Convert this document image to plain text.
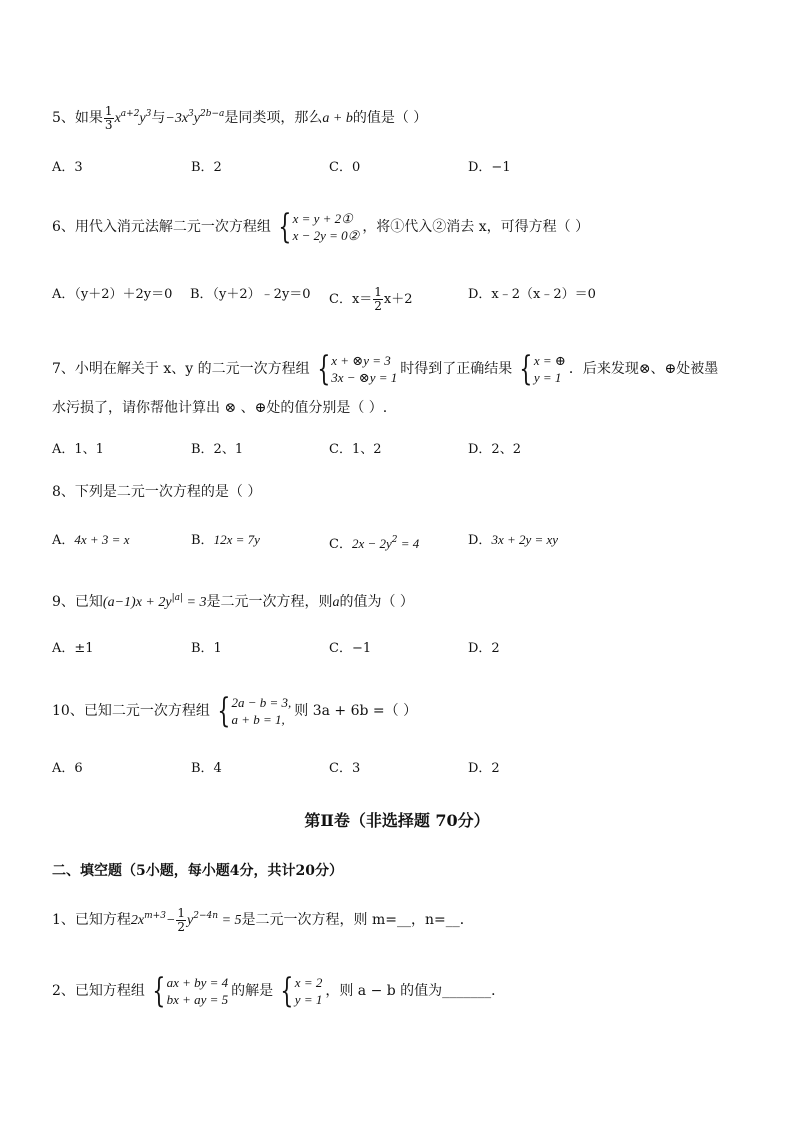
5、如果 $\frac{1}{3} x^{a+2}y^3$与$-3x^3y^{2b-a}$是同类项，那么a + b的值是（ ）
A．3	B．2	C．0	D．−1
6、用代入消元法解二元一次方程组 { x = y + 2①
x − 2y = 0②
，将①代入②消去 x，可得方程（ ）
A．（y＋2）＋2y＝0 B．（y＋2）﹣2y＝0 C．$x= \frac{1}{2} x+2$	D．x﹣2（x﹣2）＝0
7、小明在解关于 x、y 的二元一次方程组 { x + ⊗y = 3
3x − ⊗y = 1
时得到了正确结果 { x = ⊕
y = 1
．后来发现⊗、⊕处被墨
水污损了，请你帮他计算出 ⊗ 、⊕处的值分别是（ ）.
A．1、1	B．2、1	C．1、2	D．2、2
8、下列是二元一次方程的是（ ）
A．4x + 3 = x	B．12x = 7y	C．$2x - 2y^2 = 4$	D．3x + 2y = xy
9、已知$(a-1)x + 2y^{|a|} = 3$是二元一次方程，则a的值为（ ）
A．±1	B．1	C．−1	D．2
10、已知二元一次方程组 { 2a − b = 3,
a + b = 1,
则 3a + 6b =（ ）
A．6	B．4	C．3	D．2
第Ⅱ卷（非选择题 70分）
二、填空题（5小题，每小题4分，共计20分）
1、已知方程$2x^{m+3}- \frac{1}{2} y^{2-4n} = 5$是二元一次方程，则 m=__，n=__．
2、已知方程组 { ax + by = 4
bx + ay = 5
的解是 { x = 2
y = 1
，则 a − b 的值为_______．
